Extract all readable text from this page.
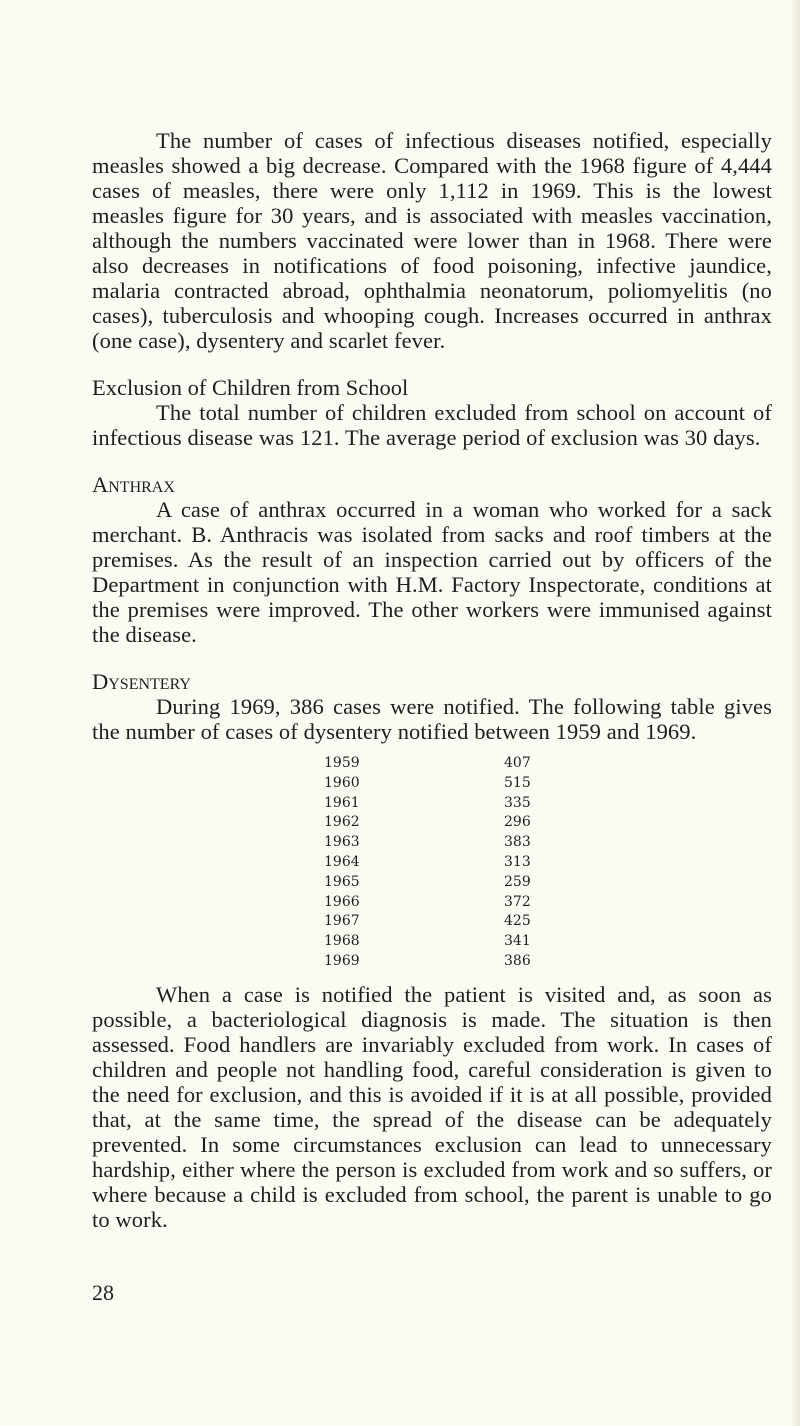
The number of cases of infectious diseases notified, especially measles showed a big decrease. Compared with the 1968 figure of 4,444 cases of measles, there were only 1,112 in 1969. This is the lowest measles figure for 30 years, and is associated with measles vaccination, although the numbers vaccinated were lower than in 1968. There were also decreases in notifications of food poisoning, infective jaundice, malaria contracted abroad, ophthalmia neonatorum, poliomyelitis (no cases), tuberculosis and whooping cough. Increases occurred in anthrax (one case), dysentery and scarlet fever.

Exclusion of Children from School

The total number of children excluded from school on account of infectious disease was 121. The average period of exclusion was 30 days.

Anthrax

A case of anthrax occurred in a woman who worked for a sack merchant. B. Anthracis was isolated from sacks and roof timbers at the premises. As the result of an inspection carried out by officers of the Department in conjunction with H.M. Factory Inspectorate, conditions at the premises were improved. The other workers were immunised against the disease.

Dysentery

During 1969, 386 cases were notified. The following table gives the number of cases of dysentery notified between 1959 and 1969.

1959	407
1960	515
1961	335
1962	296
1963	383
1964	313
1965	259
1966	372
1967	425
1968	341
1969	386

When a case is notified the patient is visited and, as soon as possible, a bacteriological diagnosis is made. The situation is then assessed. Food handlers are invariably excluded from work. In cases of children and people not handling food, careful consideration is given to the need for exclusion, and this is avoided if it is at all possible, provided that, at the same time, the spread of the disease can be adequately prevented. In some circumstances exclusion can lead to unnecessary hardship, either where the person is excluded from work and so suffers, or where because a child is excluded from school, the parent is unable to go to work.

28
